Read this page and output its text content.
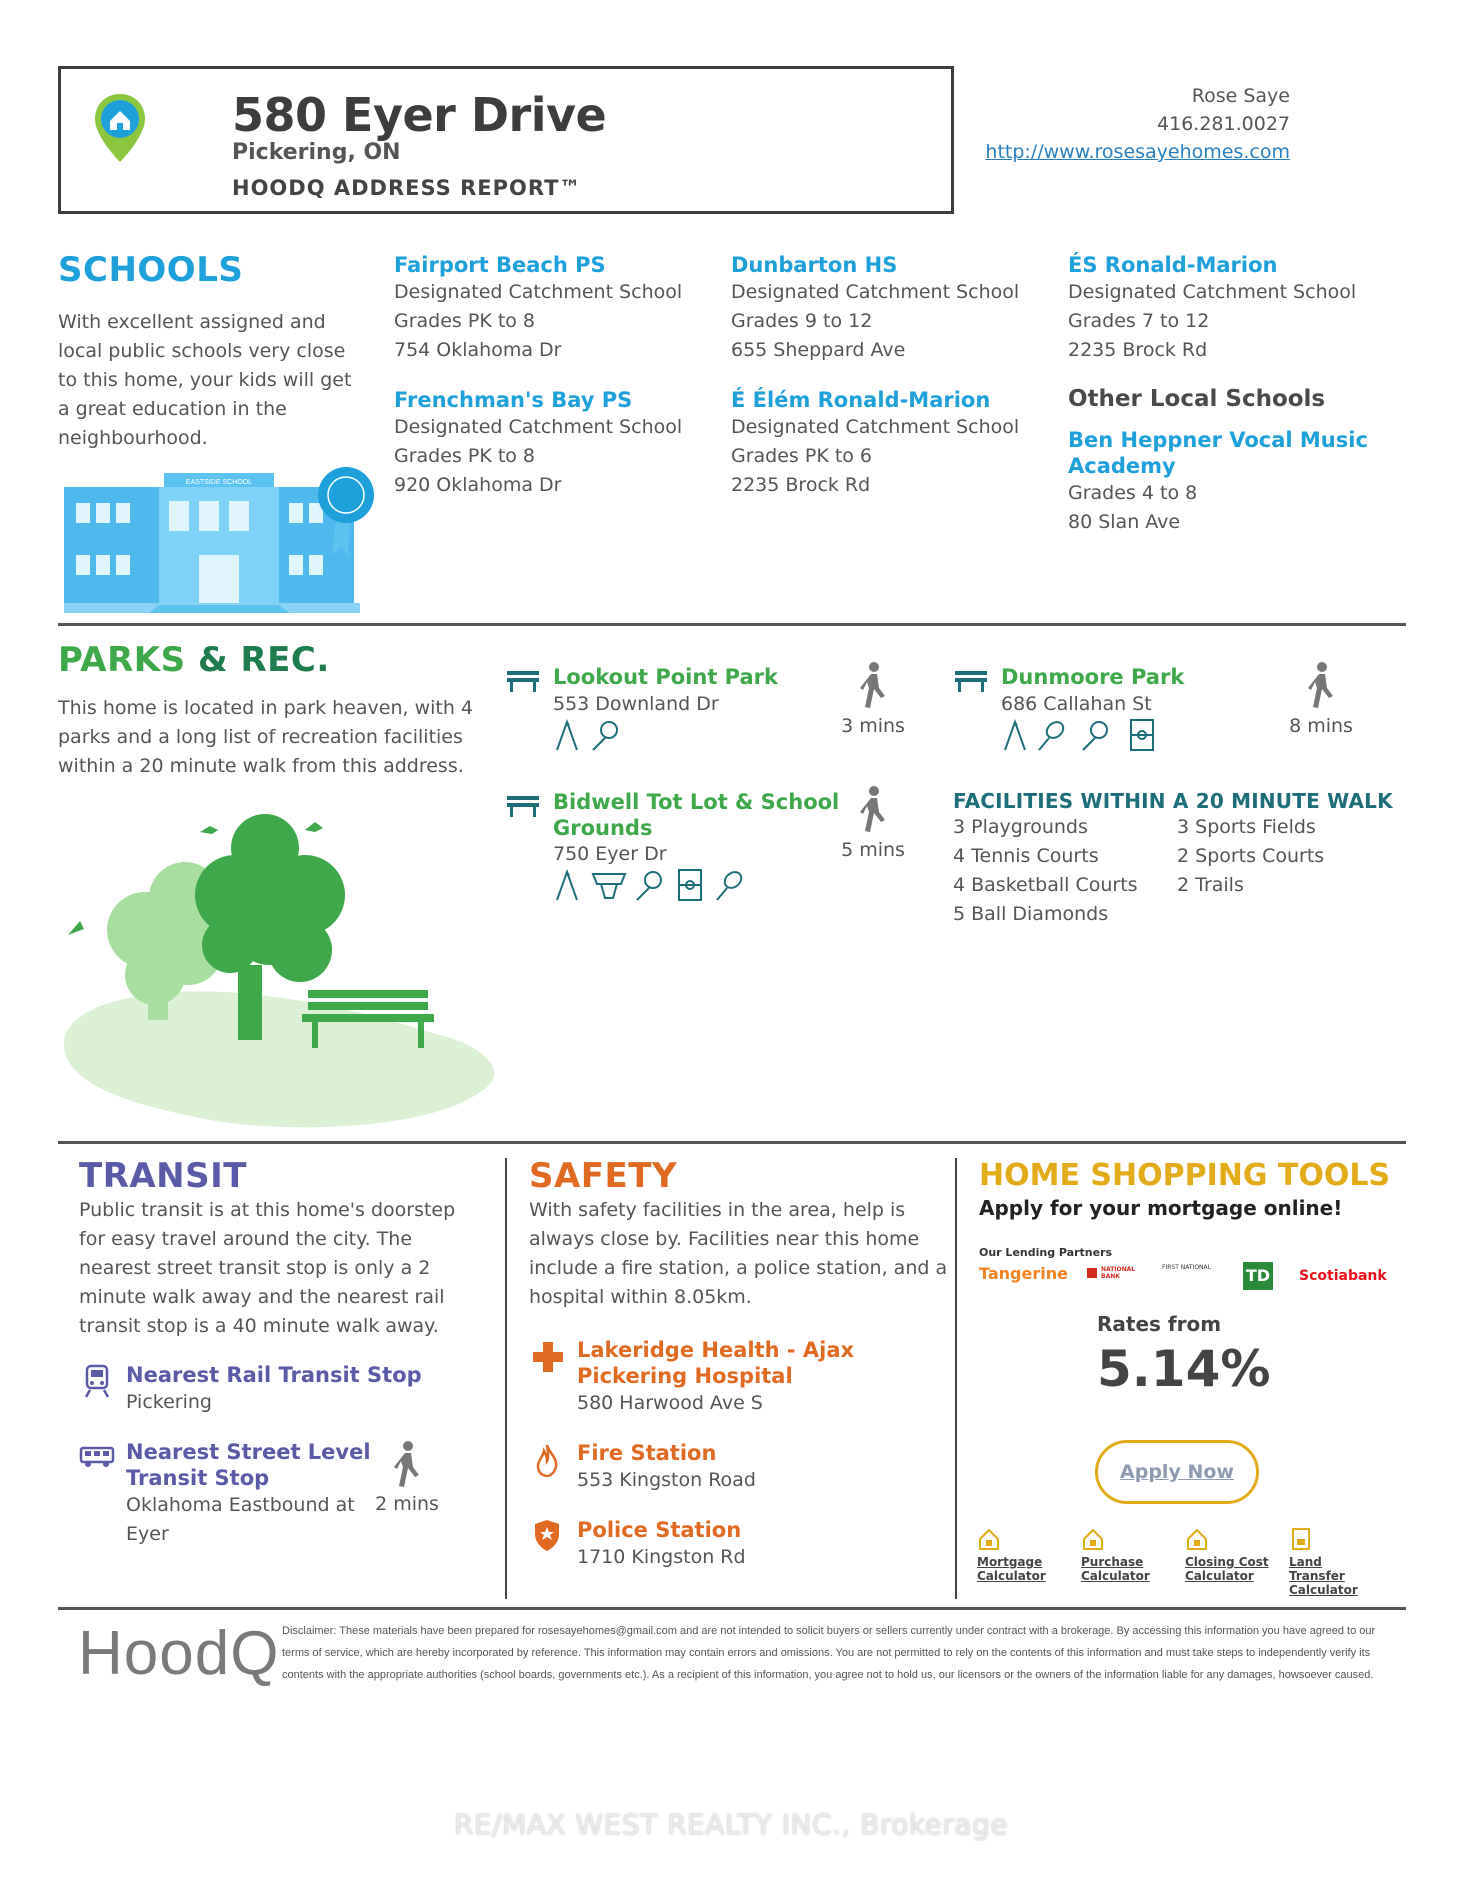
580 Eyer Drive
Pickering, ON
HOODQ ADDRESS REPORT™
Rose Saye
416.281.0027
http://www.rosesayehomes.com
SCHOOLS
With excellent assigned and local public schools very close to this home, your kids will get a great education in the neighbourhood.
EASTSIDE SCHOOL
Fairport Beach PS
Designated Catchment School
Grades PK to 8
754 Oklahoma Dr
Dunbarton HS
Designated Catchment School
Grades 9 to 12
655 Sheppard Ave
ÉS Ronald-Marion
Designated Catchment School
Grades 7 to 12
2235 Brock Rd
Frenchman's Bay PS
Designated Catchment School
Grades PK to 8
920 Oklahoma Dr
É Élém Ronald-Marion
Designated Catchment School
Grades PK to 6
2235 Brock Rd
Other Local Schools
Ben Heppner Vocal Music
Academy
Grades 4 to 8
80 Slan Ave
PARKS & REC.
This home is located in park heaven, with 4 parks and a long list of recreation facilities within a 20 minute walk from this address.
Lookout Point Park
553 Downland Dr
3 mins
Dunmoore Park
686 Callahan St
8 mins
Bidwell Tot Lot & School
Grounds
750 Eyer Dr	5 mins
FACILITIES WITHIN A 20 MINUTE WALK
3 Playgrounds
4 Tennis Courts
4 Basketball Courts
5 Ball Diamonds
3 Sports Fields
2 Sports Courts
2 Trails
TRANSIT
Public transit is at this home's doorstep for easy travel around the city. The nearest street transit stop is only a 2 minute walk away and the nearest rail transit stop is a 40 minute walk away.
Nearest Rail Transit Stop
Pickering
Nearest Street Level
Transit Stop
Oklahoma Eastbound at
Eyer
2 mins
SAFETY
With safety facilities in the area, help is always close by. Facilities near this home include a fire station, a police station, and a hospital within 8.05km.
Lakeridge Health - Ajax
Pickering Hospital
580 Harwood Ave S
Fire Station
553 Kingston Road
Police Station
1710 Kingston Rd
HOME SHOPPING TOOLS
Apply for your mortgage online!
Our Lending Partners
Tangerine	NATIONAL BANK
FIRST NATIONAL TD Scotiabank
Rates from
5.14%
Apply Now
Mortgage
Calculator
Purchase
Calculator
Closing Cost
Calculator
Land Transfer
Calculator
HoodQ Disclaimer: These materials have been prepared for rosesayehomes@gmail.com and are not intended to solicit buyers or sellers currently under contract with a brokerage. By accessing this information you have agreed to our
terms of service, which are hereby incorporated by reference. This information may contain errors and omissions. You are not permitted to rely on the contents of this information and must take steps to independently verify its
contents with the appropriate authorities (school boards, governments etc.). As a recipient of this information, you agree not to hold us, our licensors or the owners of the information liable for any damages, howsoever caused.
RE/MAX WEST REALTY INC., Brokerage
